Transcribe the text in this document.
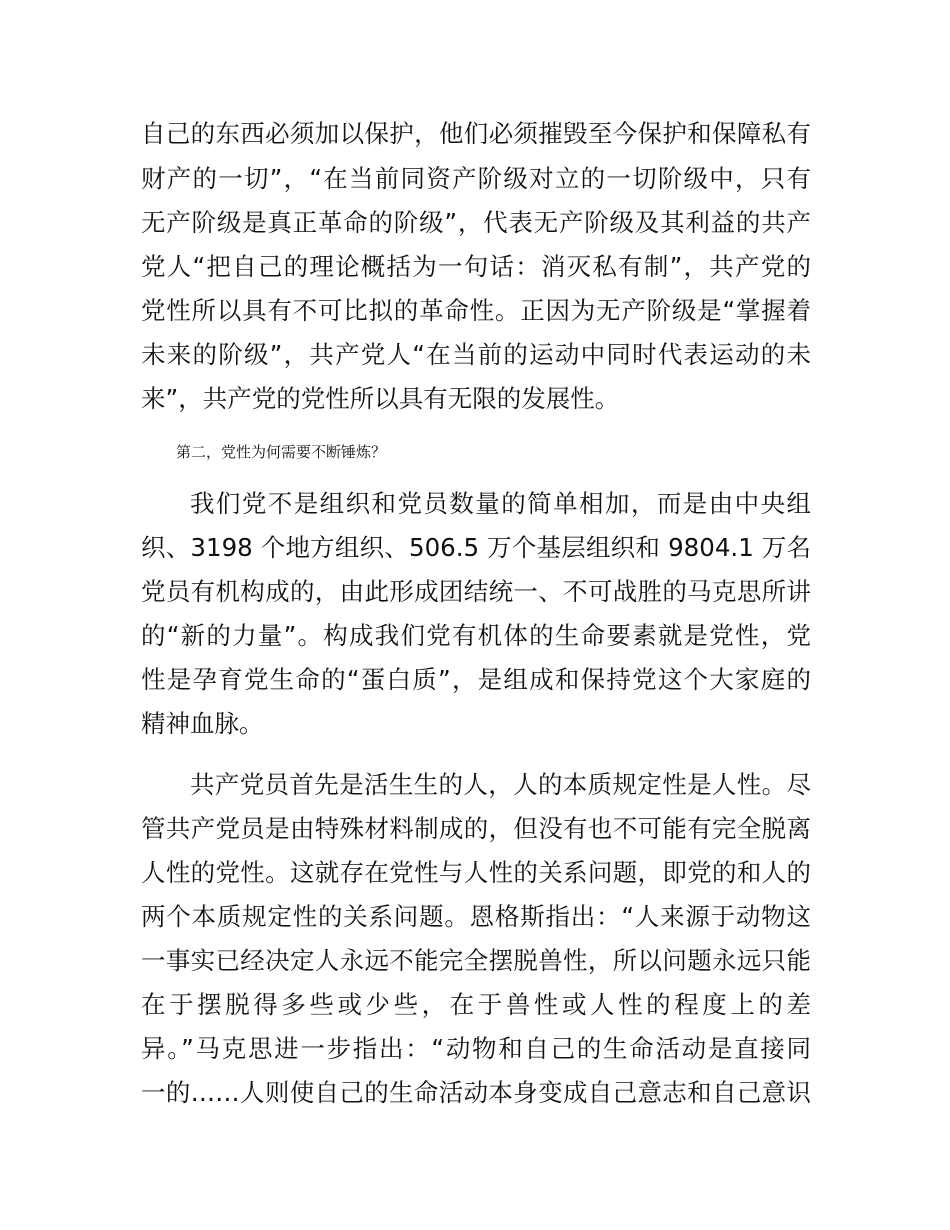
自己的东西必须加以保护，他们必须摧毁至今保护和保障私有
财产的一切”，“在当前同资产阶级对立的一切阶级中，只有
无产阶级是真正革命的阶级”，代表无产阶级及其利益的共产
党人“把自己的理论概括为一句话：消灭私有制”，共产党的
党性所以具有不可比拟的革命性。正因为无产阶级是“掌握着
未来的阶级”，共产党人“在当前的运动中同时代表运动的未
来”，共产党的党性所以具有无限的发展性。
第二，党性为何需要不断锤炼？
我们党不是组织和党员数量的简单相加，而是由中央组
织、3198 个地方组织、506.5 万个基层组织和 9804.1 万名
党员有机构成的，由此形成团结统一、不可战胜的马克思所讲
的“新的力量”。构成我们党有机体的生命要素就是党性，党
性是孕育党生命的“蛋白质”，是组成和保持党这个大家庭的
精神血脉。
共产党员首先是活生生的人，人的本质规定性是人性。尽
管共产党员是由特殊材料制成的，但没有也不可能有完全脱离
人性的党性。这就存在党性与人性的关系问题，即党的和人的
两个本质规定性的关系问题。恩格斯指出：“人来源于动物这
一事实已经决定人永远不能完全摆脱兽性，所以问题永远只能
在于摆脱得多些或少些，在于兽性或人性的程度上的差
异。”马克思进一步指出：“动物和自己的生命活动是直接同
一的……人则使自己的生命活动本身变成自己意志和自己意识
